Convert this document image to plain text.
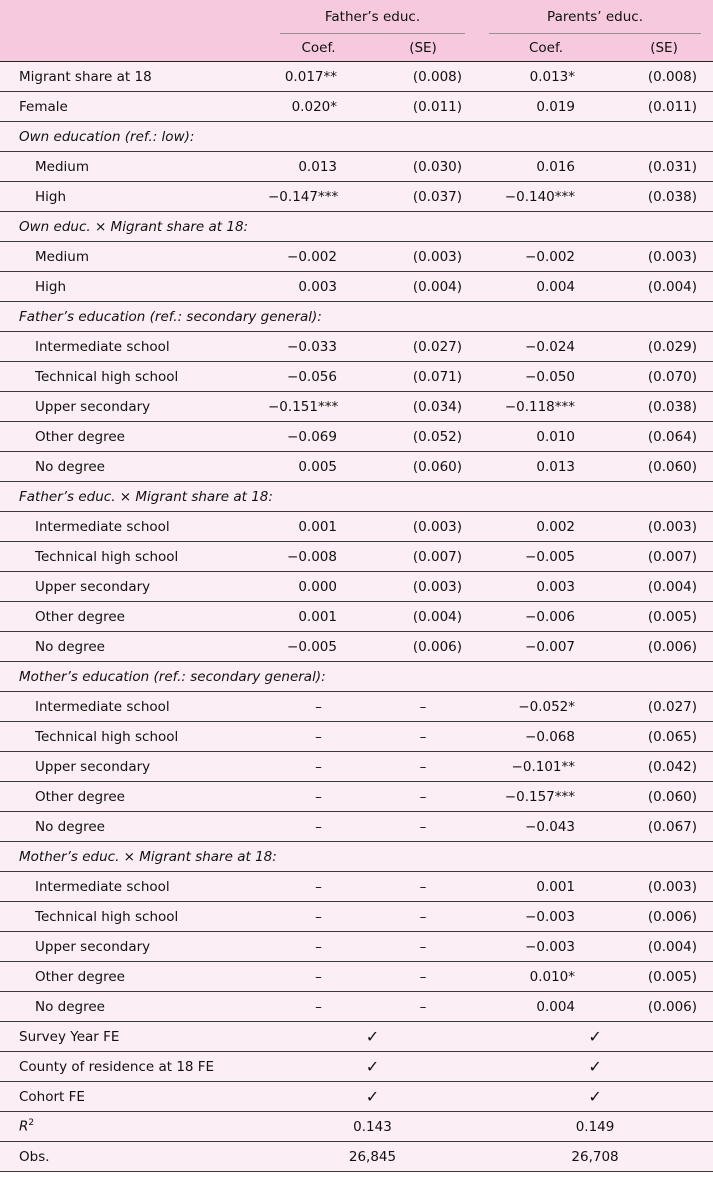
	Father’s educ.		Parents’ educ.	

	Coef.	(SE)	Coef.	(SE)
Migrant share at 18	0.017**	(0.008)	0.013*	(0.008)
Female	0.020*	(0.011)	0.019	(0.011)
Own education (ref.: low):				
Medium	0.013	(0.030)	0.016	(0.031)
High	−0.147***	(0.037)	−0.140***	(0.038)
Own educ. × Migrant share at 18:				
Medium	−0.002	(0.003)	−0.002	(0.003)
High	0.003	(0.004)	0.004	(0.004)
Father’s education (ref.: secondary general):				
Intermediate school	−0.033	(0.027)	−0.024	(0.029)
Technical high school	−0.056	(0.071)	−0.050	(0.070)
Upper secondary	−0.151***	(0.034)	−0.118***	(0.038)
Other degree	−0.069	(0.052)	0.010	(0.064)
No degree	0.005	(0.060)	0.013	(0.060)
Father’s educ. × Migrant share at 18:				
Intermediate school	0.001	(0.003)	0.002	(0.003)
Technical high school	−0.008	(0.007)	−0.005	(0.007)
Upper secondary	0.000	(0.003)	0.003	(0.004)
Other degree	0.001	(0.004)	−0.006	(0.005)
No degree	−0.005	(0.006)	−0.007	(0.006)
Mother’s education (ref.: secondary general):				
Intermediate school	–	–	−0.052*	(0.027)
Technical high school	–	–	−0.068	(0.065)
Upper secondary	–	–	−0.101**	(0.042)
Other degree	–	–	−0.157***	(0.060)
No degree	–	–	−0.043	(0.067)
Mother’s educ. × Migrant share at 18:				
Intermediate school	–	–	0.001	(0.003)
Technical high school	–	–	−0.003	(0.006)
Upper secondary	–	–	−0.003	(0.004)
Other degree	–	–	0.010*	(0.005)
No degree	–	–	0.004	(0.006)
Survey Year FE	✓		✓	
County of residence at 18 FE	✓		✓	
Cohort FE	✓		✓	
$R^2$	0.143		0.149	
Obs.	26,845		26,708	
